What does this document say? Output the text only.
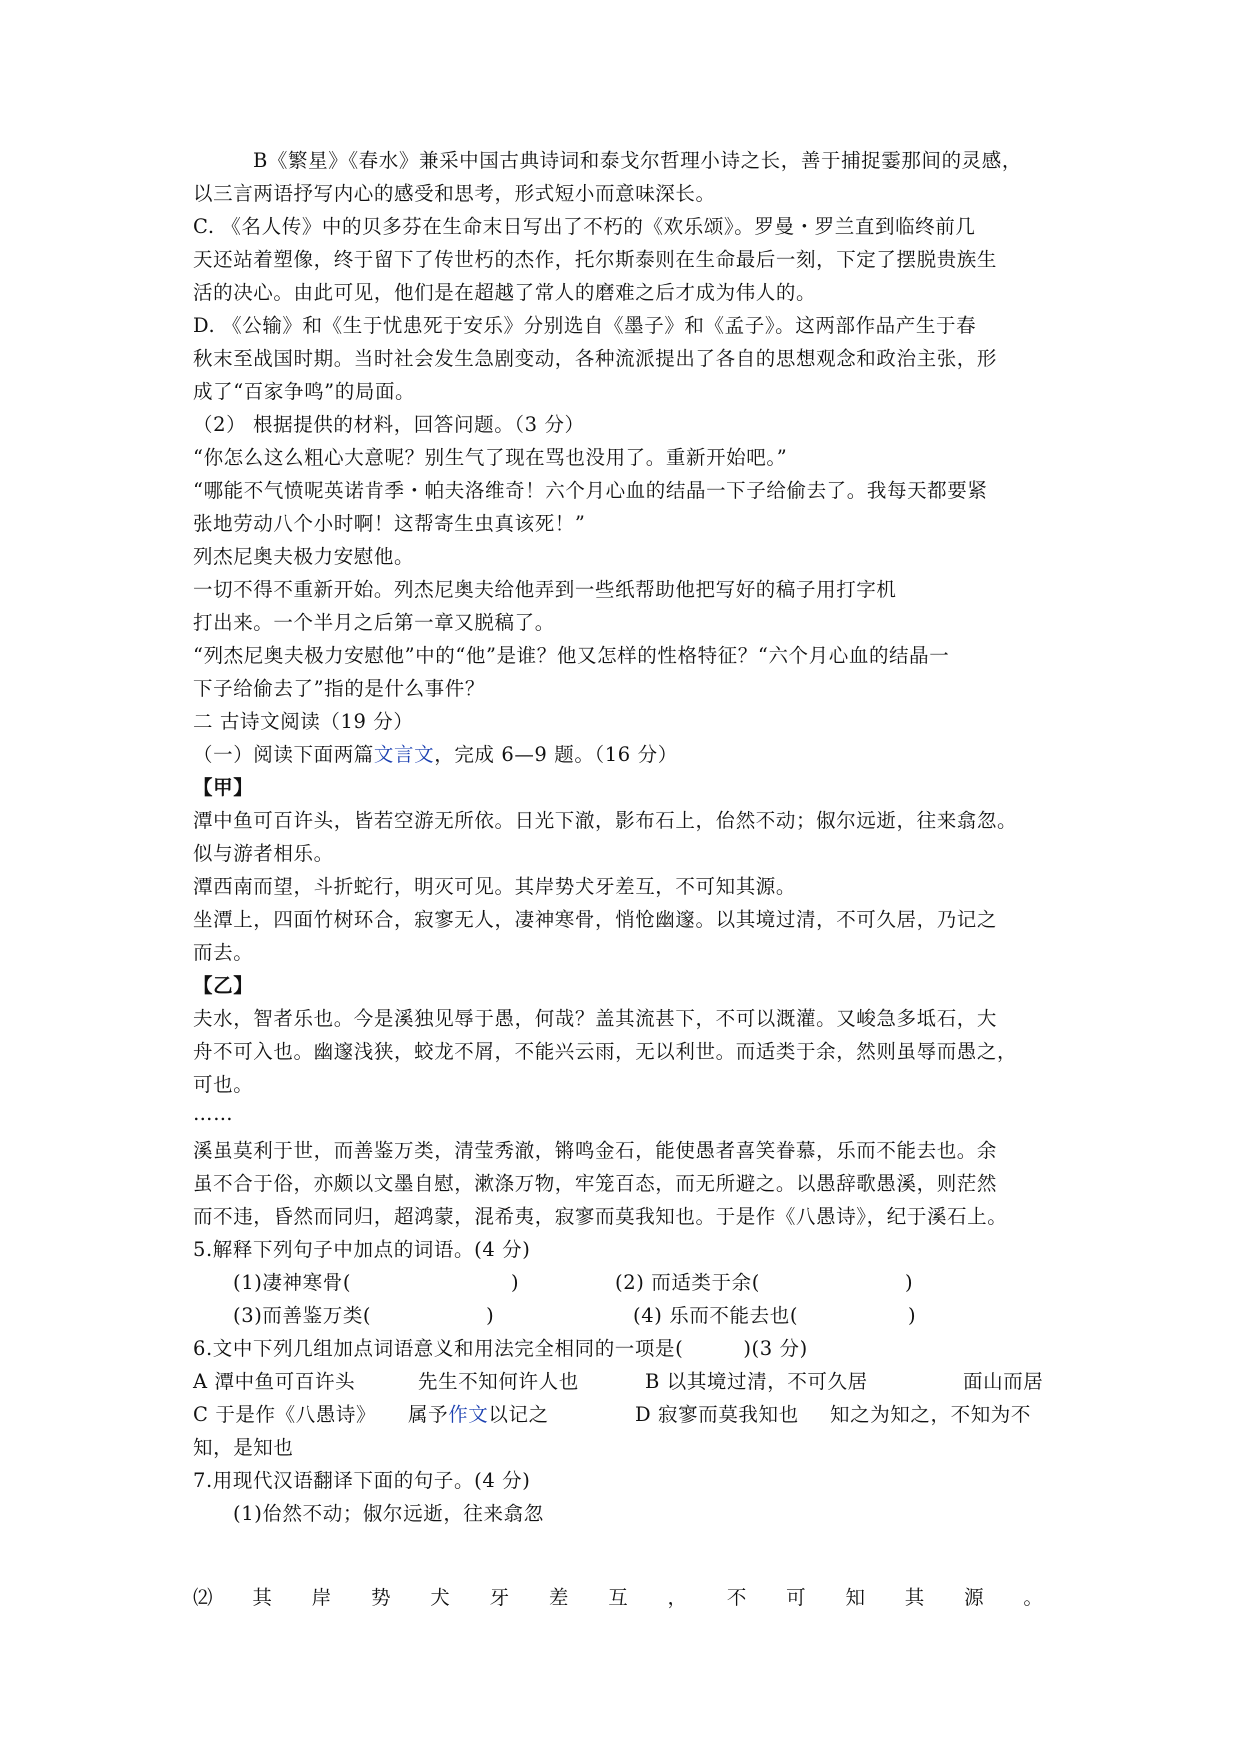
B《繁星》《春水》兼采中国古典诗词和泰戈尔哲理小诗之长，善于捕捉霎那间的灵感，
以三言两语抒写内心的感受和思考，形式短小而意味深长。
C. 《名人传》中的贝多芬在生命末日写出了不朽的《欢乐颂》。罗曼・罗兰直到临终前几
天还站着塑像，终于留下了传世朽的杰作，托尔斯泰则在生命最后一刻，下定了摆脱贵族生
活的决心。由此可见，他们是在超越了常人的磨难之后才成为伟人的。
D. 《公输》和《生于忧患死于安乐》分别选自《墨子》和《孟子》。这两部作品产生于春
秋末至战国时期。当时社会发生急剧变动，各种流派提出了各自的思想观念和政治主张，形
成了“百家争鸣”的局面。
（2） 根据提供的材料，回答问题。（3 分）
“你怎么这么粗心大意呢？别生气了现在骂也没用了。重新开始吧。”
“哪能不气愤呢英诺肯季・帕夫洛维奇！六个月心血的结晶一下子给偷去了。我每天都要紧
张地劳动八个小时啊！这帮寄生虫真该死！”
列杰尼奥夫极力安慰他。
一切不得不重新开始。列杰尼奥夫给他弄到一些纸帮助他把写好的稿子用打字机
打出来。一个半月之后第一章又脱稿了。
“列杰尼奥夫极力安慰他”中的“他”是谁？他又怎样的性格特征？“六个月心血的结晶一
下子给偷去了”指的是什么事件？
二 古诗文阅读（19 分）
（一）阅读下面两篇文言文，完成 6—9 题。（16 分）
【甲】
潭中鱼可百许头，皆若空游无所依。日光下澈，影布石上，佁然不动；俶尔远逝，往来翕忽。
似与游者相乐。
潭西南而望，斗折蛇行，明灭可见。其岸势犬牙差互，不可知其源。
坐潭上，四面竹树环合，寂寥无人，凄神寒骨，悄怆幽邃。以其境过清，不可久居，乃记之
而去。
【乙】
夫水，智者乐也。今是溪独见辱于愚，何哉？盖其流甚下，不可以溉灌。又峻急多坻石，大
舟不可入也。幽邃浅狭，蛟龙不屑，不能兴云雨，无以利世。而适类于余，然则虽辱而愚之，
可也。
……
溪虽莫利于世，而善鉴万类，清莹秀澈，锵鸣金石，能使愚者喜笑眷慕，乐而不能去也。余
虽不合于俗，亦颇以文墨自慰，漱涤万物，牢笼百态，而无所避之。以愚辞歌愚溪，则茫然
而不违，昏然而同归，超鸿蒙，混希夷，寂寥而莫我知也。于是作《八愚诗》，纪于溪石上。
5.解释下列句子中加点的词语。(4 分)
(1)凄神寒骨(	)	(2) 而适类于余(	)
(3)而善鉴万类(	)	(4) 乐而不能去也(	)
6.文中下列几组加点词语意义和用法完全相同的一项是(	)(3 分)
A 潭中鱼可百许头	先生不知何许人也	B 以其境过清，不可久居	面山而居
C 于是作《八愚诗》 属予作文以记之	D 寂寥而莫我知也 知之为知之，不知为不
知，是知也
7.用现代汉语翻译下面的句子。(4 分)
(1)佁然不动；俶尔远逝，往来翕忽
⑵ 其 岸 势 犬 牙 差 互 ， 不 可 知 其 源 。
